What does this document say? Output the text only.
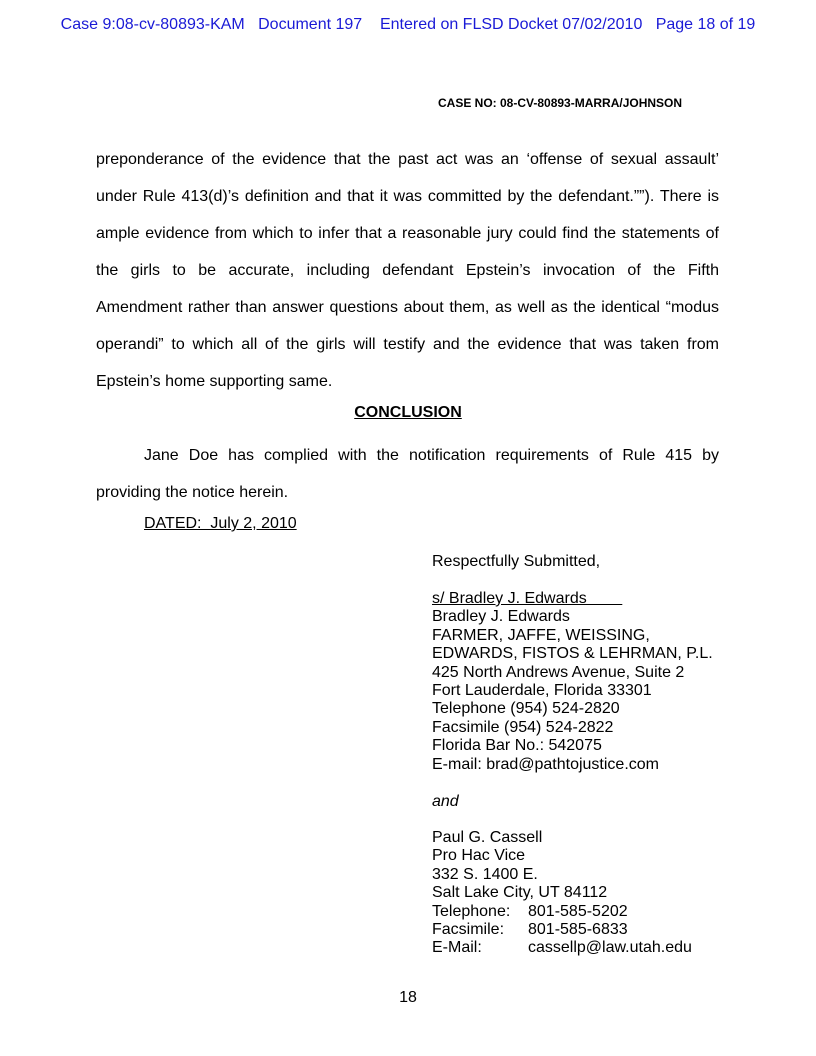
Case 9:08-cv-80893-KAM Document 197 Entered on FLSD Docket 07/02/2010 Page 18 of 19
CASE NO: 08-CV-80893-MARRA/JOHNSON
preponderance of the evidence that the past act was an ‘offense of sexual assault’
under Rule 413(d)’s definition and that it was committed by the defendant.””). There is
ample evidence from which to infer that a reasonable jury could find the statements of
the girls to be accurate, including defendant Epstein’s invocation of the Fifth
Amendment rather than answer questions about them, as well as the identical “modus
operandi” to which all of the girls will testify and the evidence that was taken from
Epstein’s home supporting same.
CONCLUSION
Jane Doe has complied with the notification requirements of Rule 415 by
providing the notice herein.
DATED:  July 2, 2010
Respectfully Submitted,
s/ Bradley J. Edwards
Bradley J. Edwards
FARMER, JAFFE, WEISSING,
EDWARDS, FISTOS & LEHRMAN, P.L.
425 North Andrews Avenue, Suite 2
Fort Lauderdale, Florida 33301
Telephone (954) 524-2820
Facsimile (954) 524-2822
Florida Bar No.: 542075
E-mail: brad@pathtojustice.com
and
Paul G. Cassell
Pro Hac Vice
332 S. 1400 E.
Salt Lake City, UT 84112
Telephone:	801-585-5202
Facsimile:	801-585-6833
E-Mail:	cassellp@law.utah.edu
18
